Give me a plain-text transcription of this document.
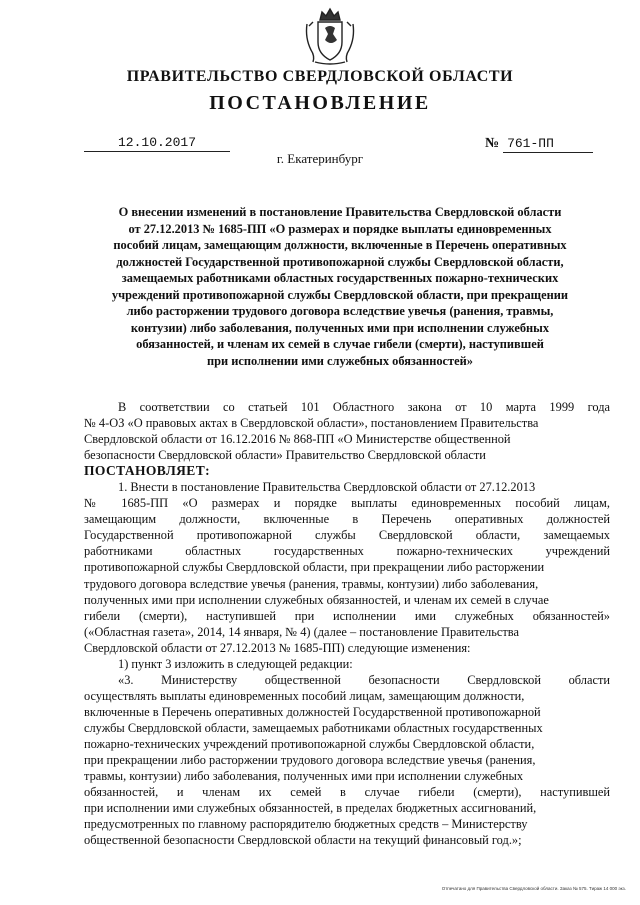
ПРАВИТЕЛЬСТВО СВЕРДЛОВСКОЙ ОБЛАСТИ
ПОСТАНОВЛЕНИЕ
12.10.2017	№ 761-ПП
г. Екатеринбург
О внесении изменений в постановление Правительства Свердловской области
от 27.12.2013 № 1685-ПП «О размерах и порядке выплаты единовременных
пособий лицам, замещающим должности, включенные в Перечень оперативных
должностей Государственной противопожарной службы Свердловской области,
замещаемых работниками областных государственных пожарно-технических
учреждений противопожарной службы Свердловской области, при прекращении
либо расторжении трудового договора вследствие увечья (ранения, травмы,
контузии) либо заболевания, полученных ими при исполнении служебных
обязанностей, и членам их семей в случае гибели (смерти), наступившей
при исполнении ими служебных обязанностей»
В соответствии со статьей 101 Областного закона от 10 марта 1999 года
№ 4-ОЗ «О правовых актах в Свердловской области», постановлением Правительства
Свердловской области от 16.12.2016 № 868-ПП «О Министерстве общественной
безопасности Свердловской области» Правительство Свердловской области
ПОСТАНОВЛЯЕТ:
1. Внести в постановление Правительства Свердловской области от 27.12.2013
№ 1685-ПП «О размерах и порядке выплаты единовременных пособий лицам,
замещающим должности, включенные в Перечень оперативных должностей
Государственной противопожарной службы Свердловской области, замещаемых
работниками областных государственных пожарно-технических учреждений
противопожарной службы Свердловской области, при прекращении либо расторжении
трудового договора вследствие увечья (ранения, травмы, контузии) либо заболевания,
полученных ими при исполнении служебных обязанностей, и членам их семей в случае
гибели (смерти), наступившей при исполнении ими служебных обязанностей»
(«Областная газета», 2014, 14 января, № 4) (далее – постановление Правительства
Свердловской области от 27.12.2013 № 1685-ПП) следующие изменения:
1) пункт 3 изложить в следующей редакции:
«3. Министерству общественной безопасности Свердловской области
осуществлять выплаты единовременных пособий лицам, замещающим должности,
включенные в Перечень оперативных должностей Государственной противопожарной
службы Свердловской области, замещаемых работниками областных государственных
пожарно-технических учреждений противопожарной службы Свердловской области,
при прекращении либо расторжении трудового договора вследствие увечья (ранения,
травмы, контузии) либо заболевания, полученных ими при исполнении служебных
обязанностей, и членам их семей в случае гибели (смерти), наступившей
при исполнении ими служебных обязанностей, в пределах бюджетных ассигнований,
предусмотренных по главному распорядителю бюджетных средств – Министерству
общественной безопасности Свердловской области на текущий финансовый год.»;
Отпечатано для Правительства Свердловской области. Заказ № 575. Тираж 14 000 экз.
